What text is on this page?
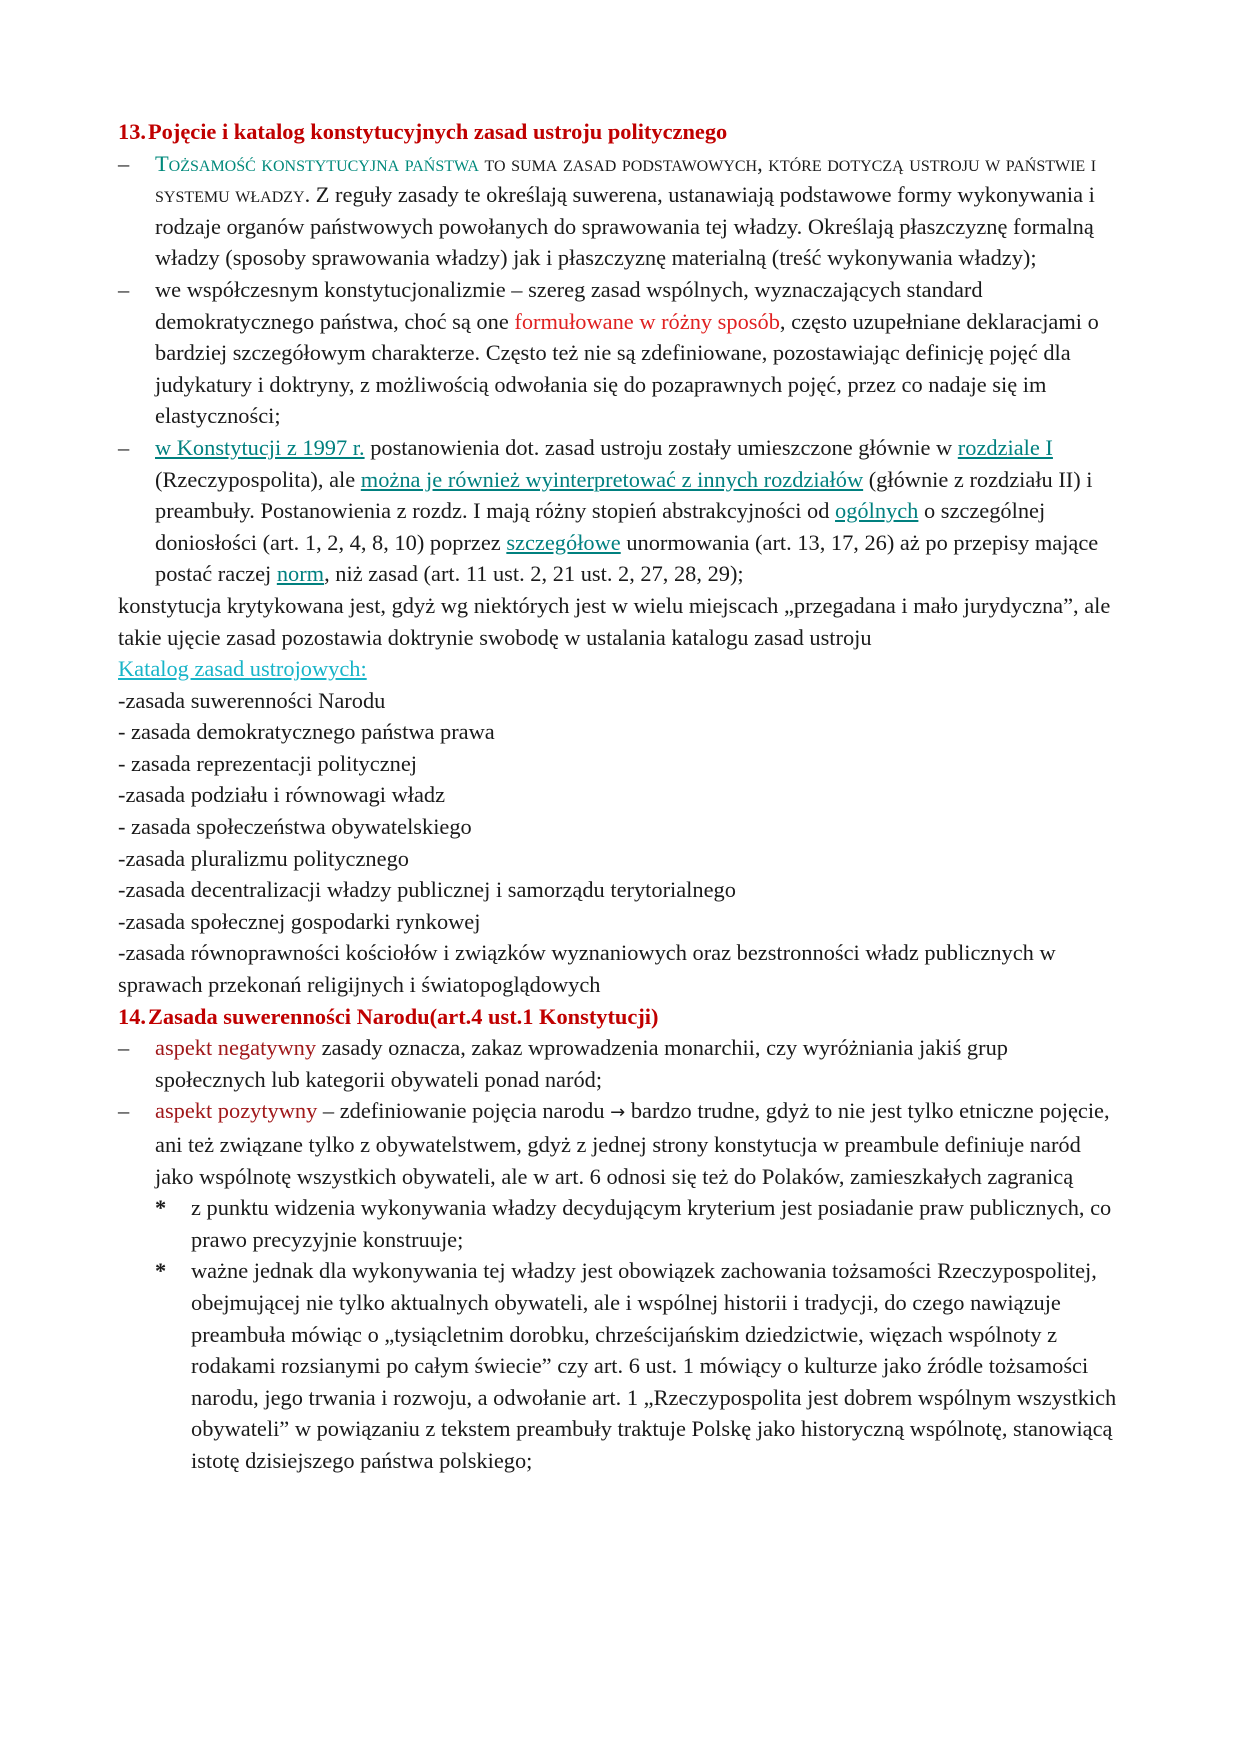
13.Pojęcie i katalog konstytucyjnych zasad ustroju politycznego

–	Tożsamość konstytucyjna państwa to suma zasad podstawowych, które dotyczą ustroju w państwie i systemu władzy. Z reguły zasady te określają suwerena, ustanawiają podstawowe formy wykonywania i rodzaje organów państwowych powołanych do sprawowania tej władzy. Określają płaszczyznę formalną władzy (sposoby sprawowania władzy) jak i płaszczyznę materialną (treść wykonywania władzy);

–	we współczesnym konstytucjonalizmie – szereg zasad wspólnych, wyznaczających standard demokratycznego państwa, choć są one formułowane w różny sposób, często uzupełniane deklaracjami o bardziej szczegółowym charakterze. Często też nie są zdefiniowane, pozostawiając definicję pojęć dla judykatury i doktryny, z możliwością odwołania się do pozaprawnych pojęć, przez co nadaje się im elastyczności;

–	w Konstytucji z 1997 r. postanowienia dot. zasad ustroju zostały umieszczone głównie w rozdziale I (Rzeczypospolita), ale można je również wyinterpretować z innych rozdziałów (głównie z rozdziału II) i preambuły. Postanowienia z rozdz. I mają różny stopień abstrakcyjności od ogólnych o szczególnej doniosłości (art. 1, 2, 4, 8, 10) poprzez szczegółowe unormowania (art. 13, 17, 26) aż po przepisy mające postać raczej norm, niż zasad (art. 11 ust. 2, 21 ust. 2, 27, 28, 29);

konstytucja krytykowana jest, gdyż wg niektórych jest w wielu miejscach „przegadana i mało jurydyczna”, ale takie ujęcie zasad pozostawia doktrynie swobodę w ustalania katalogu zasad ustroju

Katalog zasad ustrojowych:

-zasada suwerenności Narodu

- zasada demokratycznego państwa prawa

- zasada reprezentacji politycznej

-zasada podziału i równowagi władz

- zasada społeczeństwa obywatelskiego

-zasada pluralizmu politycznego

-zasada decentralizacji władzy publicznej i samorządu terytorialnego

-zasada społecznej gospodarki rynkowej

-zasada równoprawności kościołów i związków wyznaniowych oraz bezstronności władz publicznych w sprawach przekonań religijnych i światopoglądowych

14.Zasada suwerenności Narodu(art.4 ust.1 Konstytucji)

–	aspekt negatywny zasady oznacza, zakaz wprowadzenia monarchii, czy wyróżniania jakiś grup społecznych lub kategorii obywateli ponad naród;

–	aspekt pozytywny – zdefiniowanie pojęcia narodu → bardzo trudne, gdyż to nie jest tylko etniczne pojęcie, ani też związane tylko z obywatelstwem, gdyż z jednej strony konstytucja w preambule definiuje naród jako wspólnotę wszystkich obywateli, ale w art. 6 odnosi się też do Polaków, zamieszkałych zagranicą

* z punktu widzenia wykonywania władzy decydującym kryterium jest posiadanie praw publicznych, co prawo precyzyjnie konstruuje;

* ważne jednak dla wykonywania tej władzy jest obowiązek zachowania tożsamości Rzeczypospolitej, obejmującej nie tylko aktualnych obywateli, ale i wspólnej historii i tradycji, do czego nawiązuje preambuła mówiąc o „tysiącletnim dorobku, chrześcijańskim dziedzictwie, więzach wspólnoty z rodakami rozsianymi po całym świecie” czy art. 6 ust. 1 mówiący o kulturze jako źródle tożsamości narodu, jego trwania i rozwoju, a odwołanie art. 1 „Rzeczypospolita jest dobrem wspólnym wszystkich obywateli” w powiązaniu z tekstem preambuły traktuje Polskę jako historyczną wspólnotę, stanowiącą istotę dzisiejszego państwa polskiego;
